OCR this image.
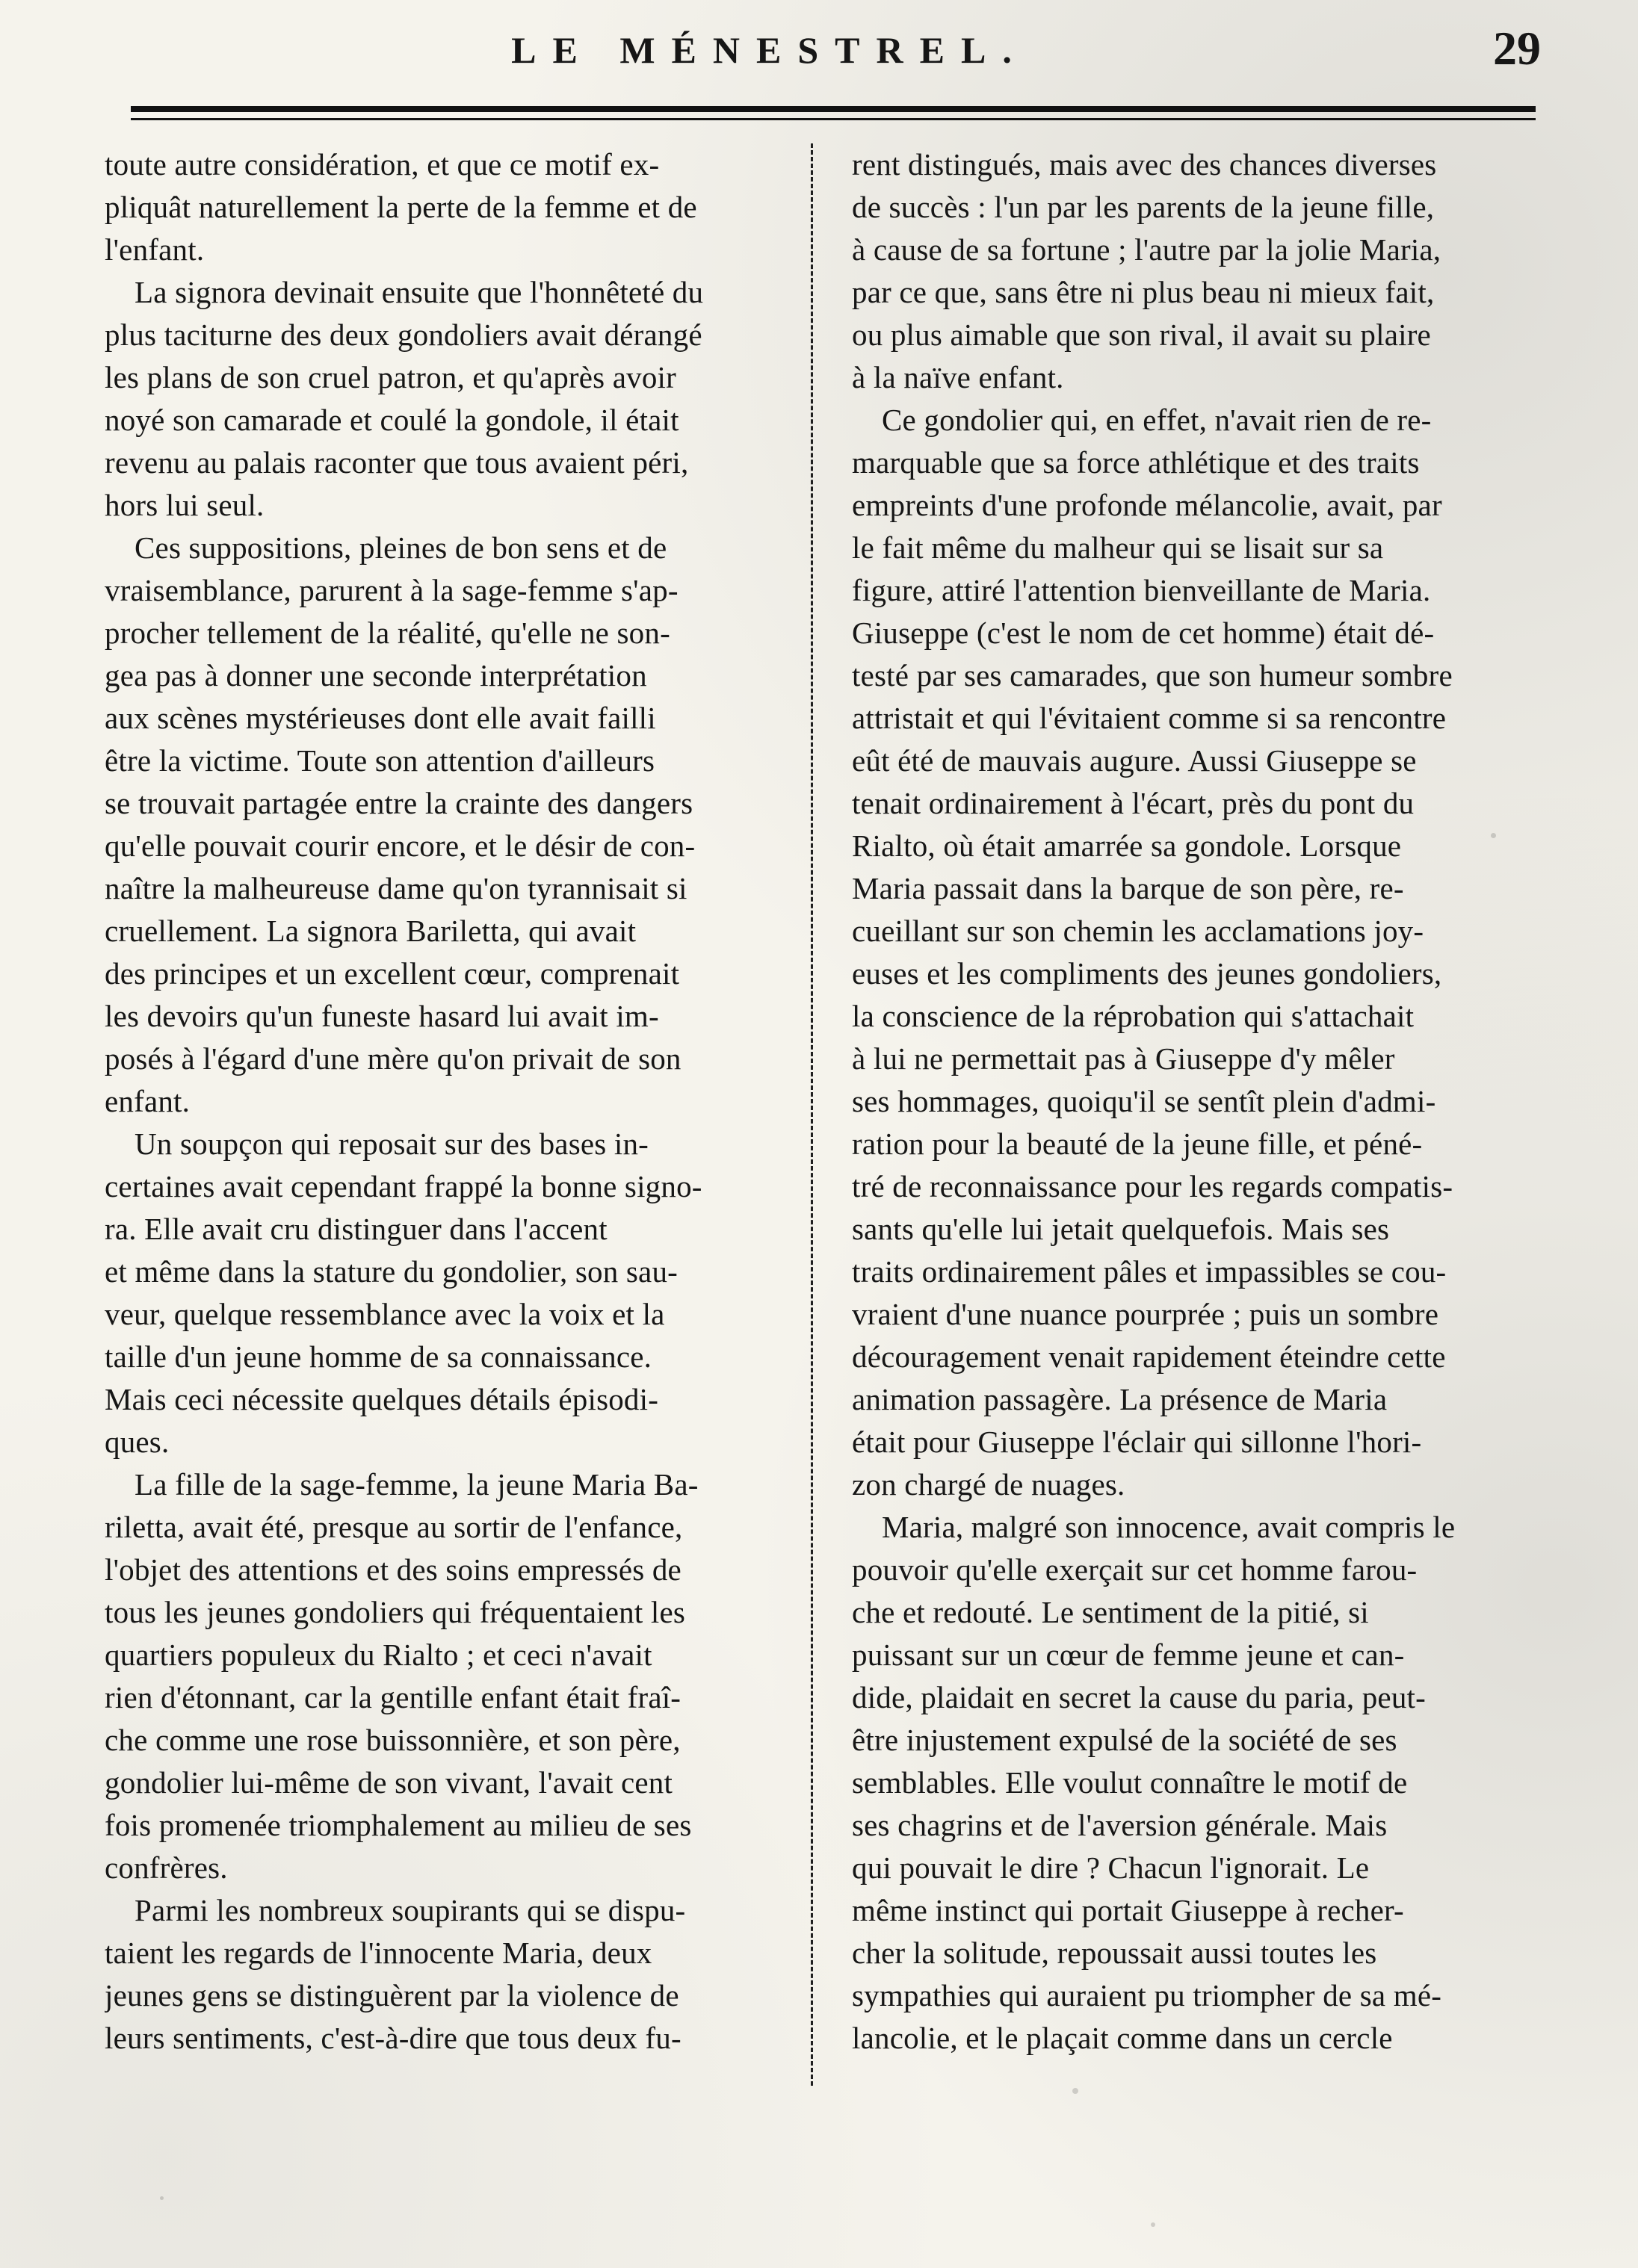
LE MÉNESTREL.	29
toute autre considération, et que ce motif ex-
pliquât naturellement la perte de la femme et de
l'enfant.
La signora devinait ensuite que l'honnêteté du
plus taciturne des deux gondoliers avait dérangé
les plans de son cruel patron, et qu'après avoir
noyé son camarade et coulé la gondole, il était
revenu au palais raconter que tous avaient péri,
hors lui seul.
Ces suppositions, pleines de bon sens et de
vraisemblance, parurent à la sage-femme s'ap-
procher tellement de la réalité, qu'elle ne son-
gea pas à donner une seconde interprétation
aux scènes mystérieuses dont elle avait failli
être la victime. Toute son attention d'ailleurs
se trouvait partagée entre la crainte des dangers
qu'elle pouvait courir encore, et le désir de con-
naître la malheureuse dame qu'on tyrannisait si
cruellement. La signora Bariletta, qui avait
des principes et un excellent cœur, comprenait
les devoirs qu'un funeste hasard lui avait im-
posés à l'égard d'une mère qu'on privait de son
enfant.
Un soupçon qui reposait sur des bases in-
certaines avait cependant frappé la bonne signo-
ra. Elle avait cru distinguer dans l'accent
et même dans la stature du gondolier, son sau-
veur, quelque ressemblance avec la voix et la
taille d'un jeune homme de sa connaissance.
Mais ceci nécessite quelques détails épisodi-
ques.
La fille de la sage-femme, la jeune Maria Ba-
riletta, avait été, presque au sortir de l'enfance,
l'objet des attentions et des soins empressés de
tous les jeunes gondoliers qui fréquentaient les
quartiers populeux du Rialto ; et ceci n'avait
rien d'étonnant, car la gentille enfant était fraî-
che comme une rose buissonnière, et son père,
gondolier lui-même de son vivant, l'avait cent
fois promenée triomphalement au milieu de ses
confrères.
Parmi les nombreux soupirants qui se dispu-
taient les regards de l'innocente Maria, deux
jeunes gens se distinguèrent par la violence de
leurs sentiments, c'est-à-dire que tous deux fu-
rent distingués, mais avec des chances diverses
de succès : l'un par les parents de la jeune fille,
à cause de sa fortune ; l'autre par la jolie Maria,
par ce que, sans être ni plus beau ni mieux fait,
ou plus aimable que son rival, il avait su plaire
à la naïve enfant.
Ce gondolier qui, en effet, n'avait rien de re-
marquable que sa force athlétique et des traits
empreints d'une profonde mélancolie, avait, par
le fait même du malheur qui se lisait sur sa
figure, attiré l'attention bienveillante de Maria.
Giuseppe (c'est le nom de cet homme) était dé-
testé par ses camarades, que son humeur sombre
attristait et qui l'évitaient comme si sa rencontre
eût été de mauvais augure. Aussi Giuseppe se
tenait ordinairement à l'écart, près du pont du
Rialto, où était amarrée sa gondole. Lorsque
Maria passait dans la barque de son père, re-
cueillant sur son chemin les acclamations joy-
euses et les compliments des jeunes gondoliers,
la conscience de la réprobation qui s'attachait
à lui ne permettait pas à Giuseppe d'y mêler
ses hommages, quoiqu'il se sentît plein d'admi-
ration pour la beauté de la jeune fille, et péné-
tré de reconnaissance pour les regards compatis-
sants qu'elle lui jetait quelquefois. Mais ses
traits ordinairement pâles et impassibles se cou-
vraient d'une nuance pourprée ; puis un sombre
découragement venait rapidement éteindre cette
animation passagère. La présence de Maria
était pour Giuseppe l'éclair qui sillonne l'hori-
zon chargé de nuages.
Maria, malgré son innocence, avait compris le
pouvoir qu'elle exerçait sur cet homme farou-
che et redouté. Le sentiment de la pitié, si
puissant sur un cœur de femme jeune et can-
dide, plaidait en secret la cause du paria, peut-
être injustement expulsé de la société de ses
semblables. Elle voulut connaître le motif de
ses chagrins et de l'aversion générale. Mais
qui pouvait le dire ? Chacun l'ignorait. Le
même instinct qui portait Giuseppe à recher-
cher la solitude, repoussait aussi toutes les
sympathies qui auraient pu triompher de sa mé-
lancolie, et le plaçait comme dans un cercle
